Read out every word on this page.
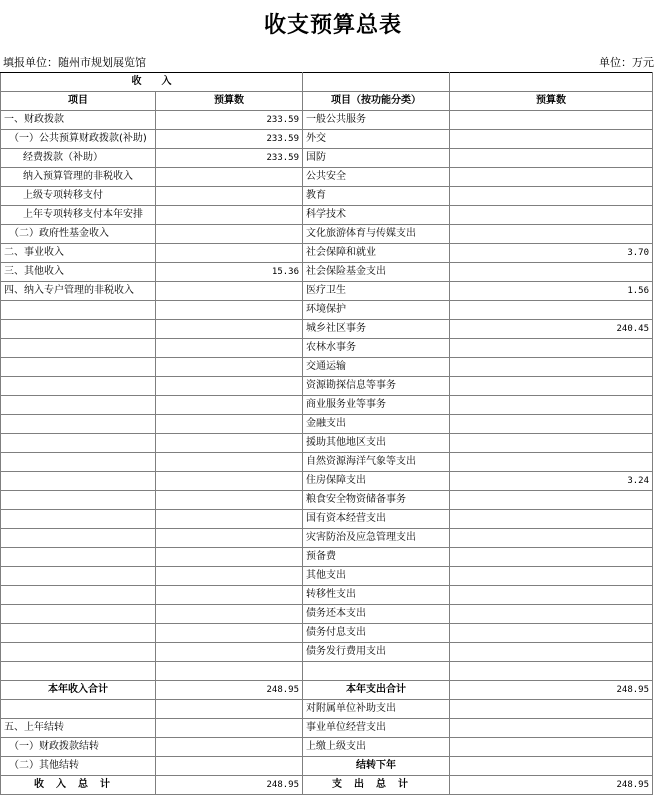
收支预算总表
填报单位：随州市规划展览馆	单位：万元
收　　入			
项目	预算数	项目（按功能分类）	预算数
一、财政拨款	233.59	一般公共服务	
（一）公共预算财政拨款(补助)	233.59	外交	
经费拨款（补助）	233.59	国防	
纳入预算管理的非税收入		公共安全	
上级专项转移支付		教育	
上年专项转移支付本年安排		科学技术	
（二）政府性基金收入		文化旅游体育与传媒支出	
二、事业收入		社会保障和就业	3.70
三、其他收入	15.36	社会保险基金支出	
四、纳入专户管理的非税收入		医疗卫生	1.56
		环境保护	
		城乡社区事务	240.45
		农林水事务	
		交通运输	
		资源勘探信息等事务	
		商业服务业等事务	
		金融支出	
		援助其他地区支出	
		自然资源海洋气象等支出	
		住房保障支出	3.24
		粮食安全物资储备事务	
		国有资本经营支出	
		灾害防治及应急管理支出	
		预备费	
		其他支出	
		转移性支出	
		债务还本支出	
		债务付息支出	
		债务发行费用支出	

本年收入合计	248.95	本年支出合计	248.95
		对附属单位补助支出	
五、上年结转		事业单位经营支出	
（一）财政拨款结转		上缴上级支出	
（二）其他结转		结转下年	
收入总计	248.95	支出总计	248.95
